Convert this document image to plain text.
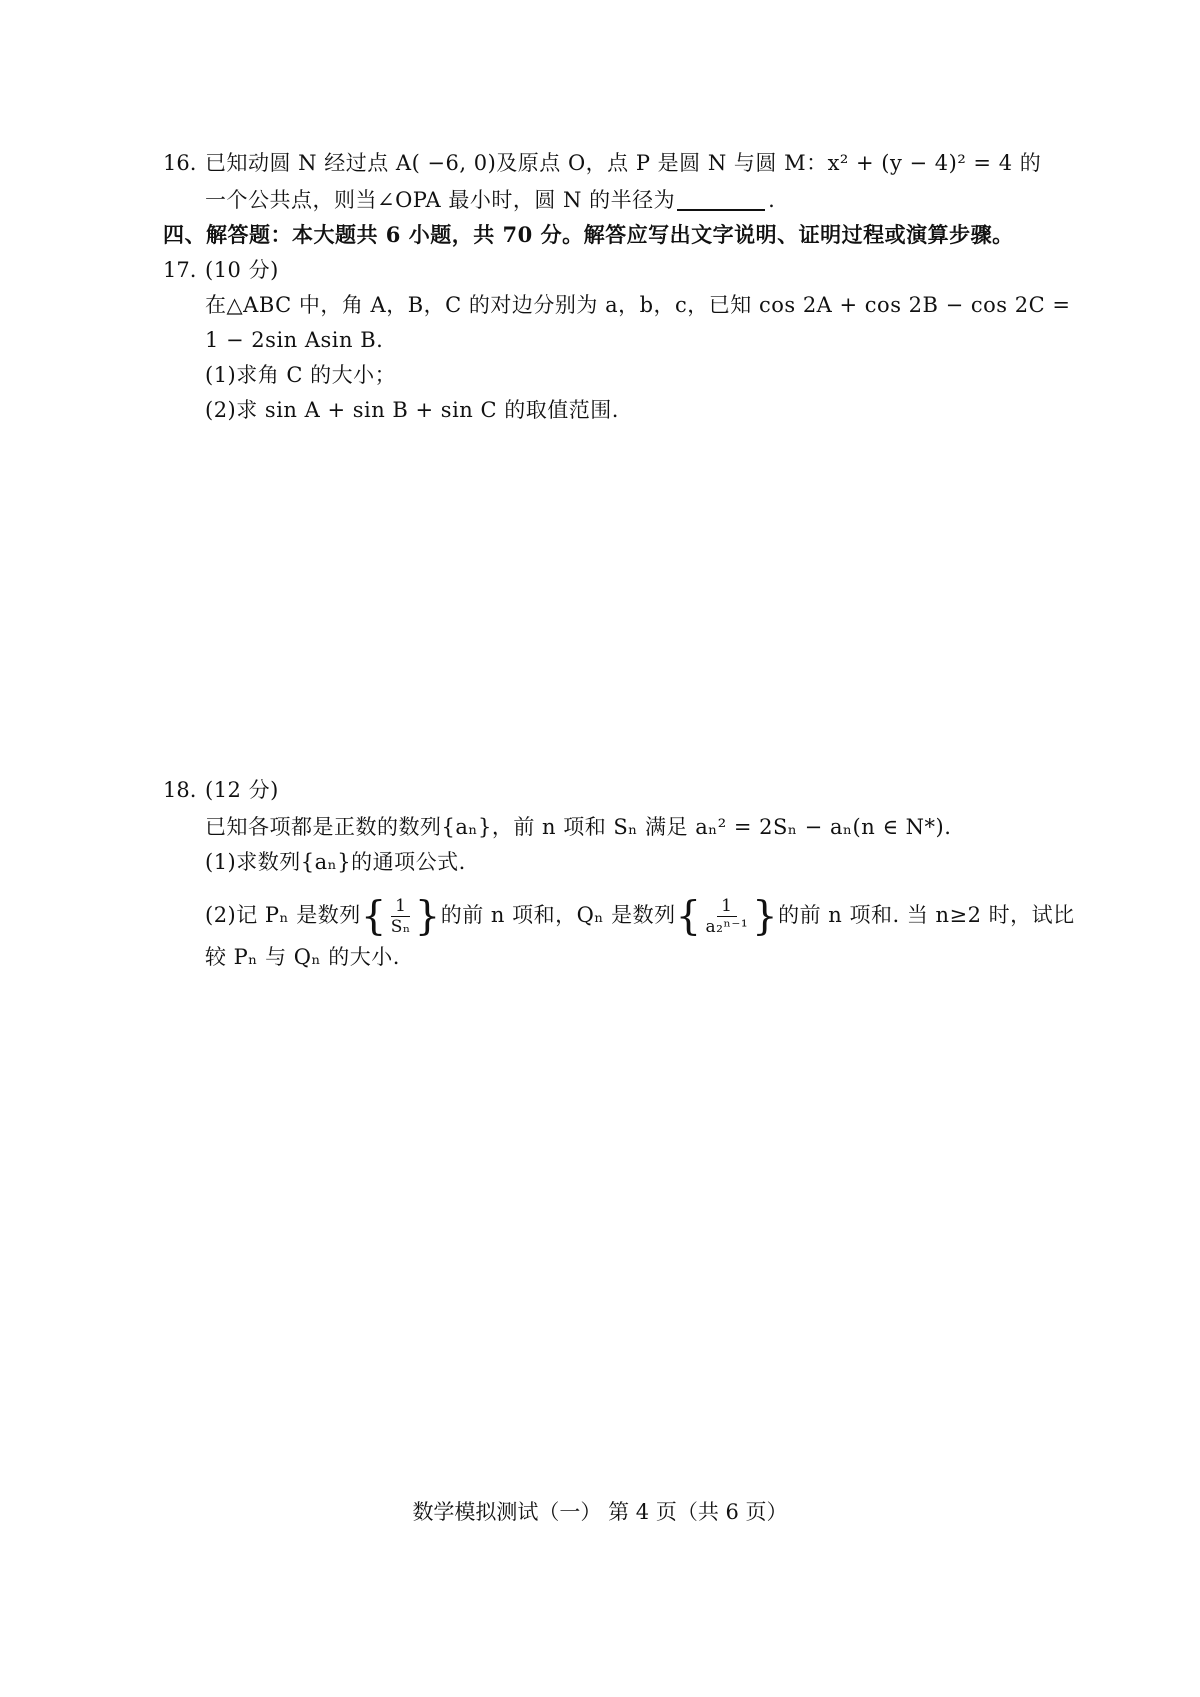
16. 已知动圆 N 经过点 A( −6, 0)及原点 O，点 P 是圆 N 与圆 M：x² + (y − 4)² = 4 的
一个公共点，则当∠OPA 最小时，圆 N 的半径为	.
四、解答题：本大题共 6 小题，共 70 分。解答应写出文字说明、证明过程或演算步骤。
17. (10 分)
在△ABC 中，角 A，B，C 的对边分别为 a，b，c，已知 cos 2A + cos 2B − cos 2C =
1 − 2sin Asin B.
(1)求角 C 的大小；
(2)求 sin A + sin B + sin C 的取值范围.
18. (12 分)
已知各项都是正数的数列{aₙ}，前 n 项和 Sₙ 满足 aₙ² = 2Sₙ − aₙ(n ∈ N*).
(1)求数列{aₙ}的通项公式.
(2)记 Pₙ 是数列{ $\frac{1}{\text{Sₙ}}$ }的前 n 项和，Qₙ 是数列{ $\frac{1}{\text{a₂ⁿ⁻¹}}$ }的前 n 项和. 当 n≥2 时，试比
较 Pₙ 与 Qₙ 的大小.
数学模拟测试（一） 第 4 页（共 6 页）
